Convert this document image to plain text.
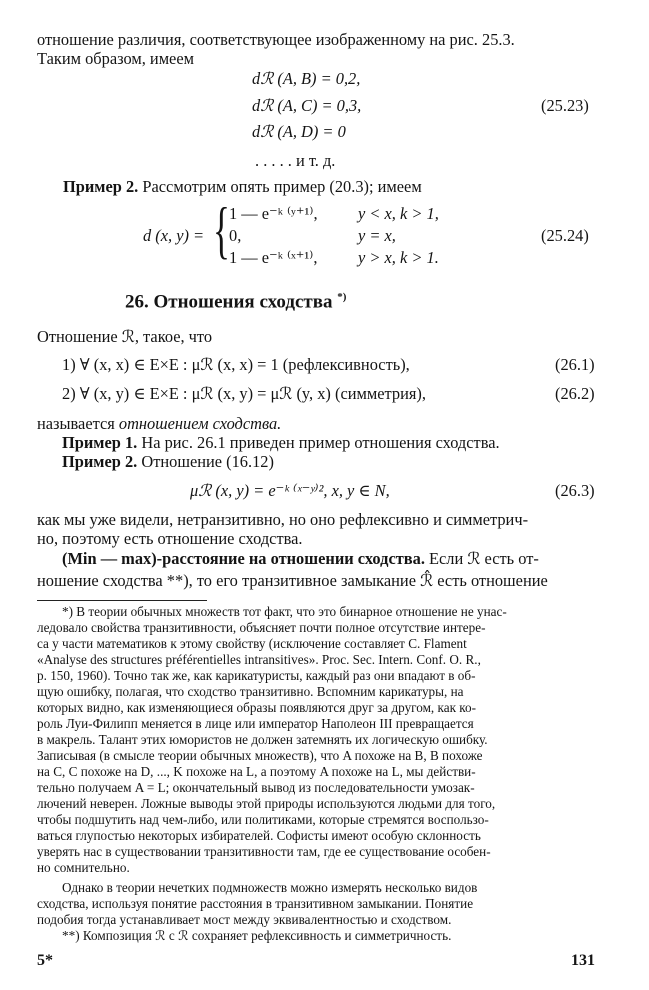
отношение различия, соответствующее изображенному на рис. 25.3.
Таким образом, имеем
dℛ (A, B) = 0,2,
dℛ (A, C) = 0,3,
dℛ (A, D) = 0
. . . . . и т. д.
(25.23)
Пример 2. Рассмотрим опять пример (20.3); имеем
d (x, y) = { 1 — e⁻ᵏ ⁽ʸ⁺¹⁾, y < x, k > 1,
0,	y = x,
1 — e⁻ᵏ ⁽ˣ⁺¹⁾, y > x, k > 1.
(25.24)
26. Отношения сходства *)
Отношение ℛ, такое, что
1) ∀ (x, x) ∈ E×E : μℛ (x, x) = 1 (рефлексивность),	(26.1)
2) ∀ (x, y) ∈ E×E : μℛ (x, y) = μℛ (y, x) (симметрия),	(26.2)
называется отношением сходства.
Пример 1. На рис. 26.1 приведен пример отношения сходства.
Пример 2. Отношение (16.12)
μℛ (x, y) = e⁻ᵏ ⁽ˣ⁻ʸ⁾², x, y ∈ N,	(26.3)
как мы уже видели, нетранзитивно, но оно рефлексивно и симметрич-
но, поэтому есть отношение сходства.
(Min — max)-расстояние на отношении сходства. Если ℛ есть от-
ношение сходства **), то его транзитивное замыкание ℛ̂ есть отношение
*) В теории обычных множеств тот факт, что это бинарное отношение не унас-
ледовало свойства транзитивности, объясняет почти полное отсутствие интере-
са у части математиков к этому свойству (исключение составляет C. Flament
«Analyse des structures préférentielles intransitives». Proc. Sec. Intern. Conf. O. R.,
p. 150, 1960). Точно так же, как карикатуристы, каждый раз они впадают в об-
щую ошибку, полагая, что сходство транзитивно. Вспомним карикатуры, на
которых видно, как изменяющиеся образы появляются друг за другом, как ко-
роль Луи-Филипп меняется в лице или император Наполеон III превращается
в макрель. Талант этих юмористов не должен затемнять их логическую ошибку.
Записывая (в смысле теории обычных множеств), что A похоже на B, B похоже
на C, C похоже на D, ..., K похоже на L, а поэтому A похоже на L, мы действи-
тельно получаем A = L; окончательный вывод из последовательности умозак-
лючений неверен. Ложные выводы этой природы используются людьми для того,
чтобы подшутить над чем-либо, или политиками, которые стремятся воспользо-
ваться глупостью некоторых избирателей. Софисты имеют особую склонность
уверять нас в существовании транзитивности там, где ее существование особен-
но сомнительно.
Однако в теории нечетких подмножеств можно измерять несколько видов
сходства, используя понятие расстояния в транзитивном замыкании. Понятие
подобия тогда устанавливает мост между эквивалентностью и сходством.
**) Композиция ℛ с ℛ сохраняет рефлексивность и симметричность.
5*	131
